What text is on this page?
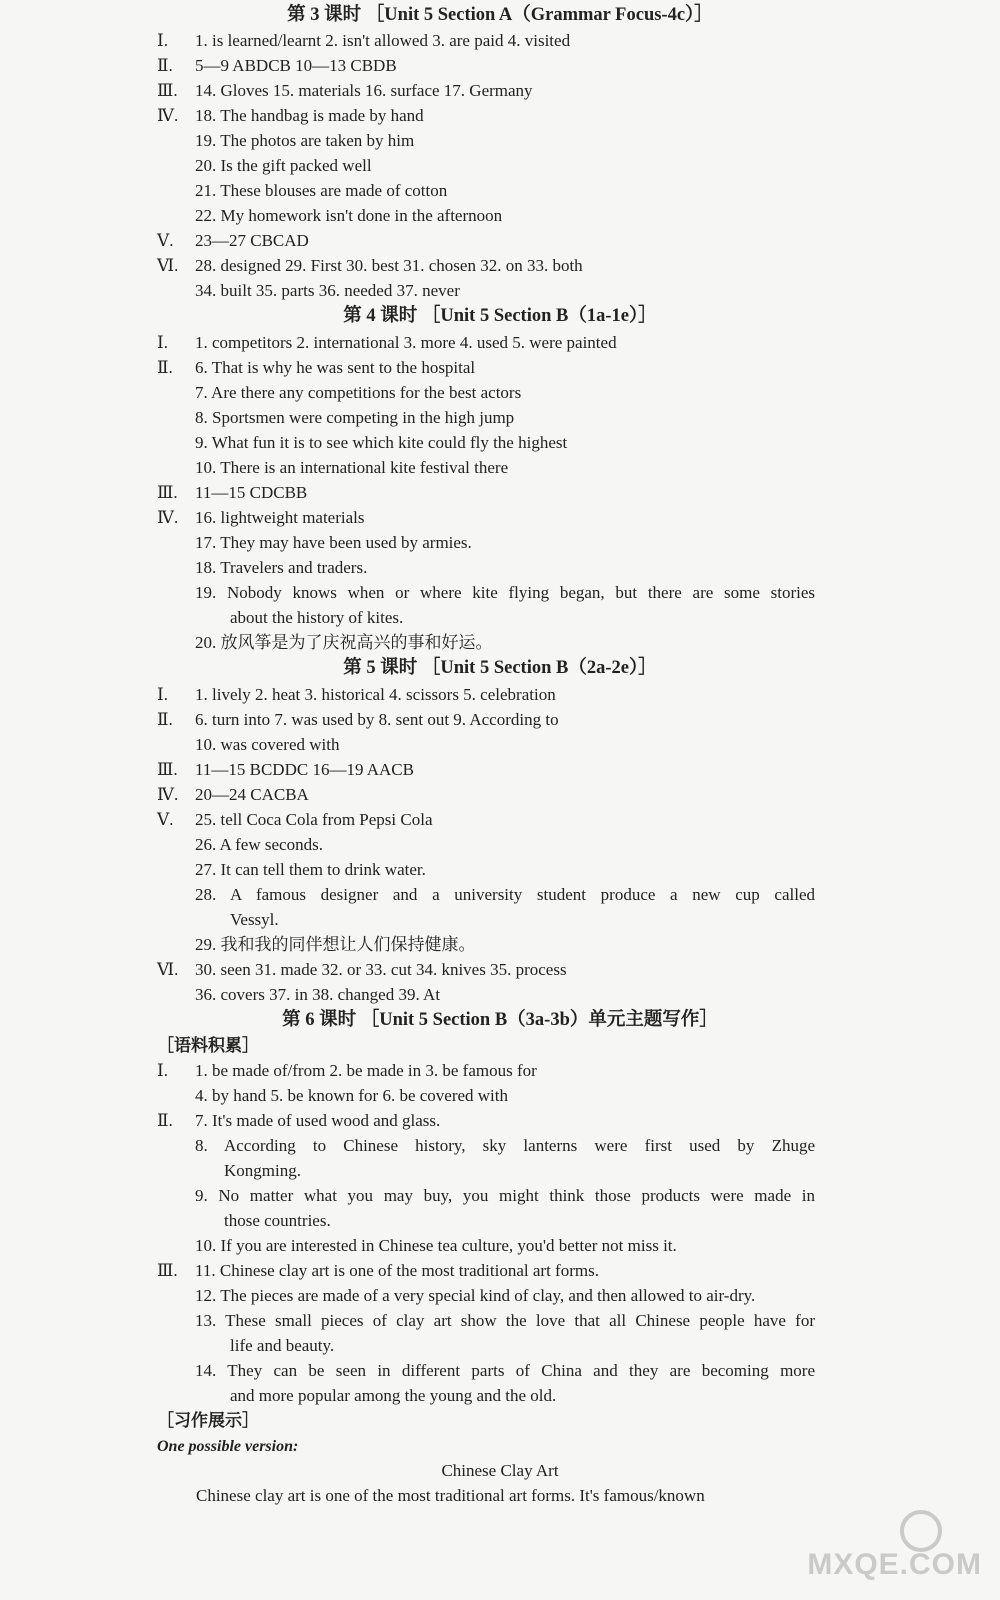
第 3 课时 ［Unit 5 Section A（Grammar Focus-4c）］
Ⅰ. 1. is learned/learnt 2. isn't allowed 3. are paid 4. visited
Ⅱ. 5—9 ABDCB 10—13 CBDB
Ⅲ. 14. Gloves 15. materials 16. surface 17. Germany
Ⅳ. 18. The handbag is made by hand
19. The photos are taken by him
20. Is the gift packed well
21. These blouses are made of cotton
22. My homework isn't done in the afternoon
Ⅴ. 23—27 CBCAD
Ⅵ. 28. designed 29. First 30. best 31. chosen 32. on 33. both
34. built 35. parts 36. needed 37. never
第 4 课时 ［Unit 5 Section B（1a-1e）］
Ⅰ. 1. competitors 2. international 3. more 4. used 5. were painted
Ⅱ. 6. That is why he was sent to the hospital
7. Are there any competitions for the best actors
8. Sportsmen were competing in the high jump
9. What fun it is to see which kite could fly the highest
10. There is an international kite festival there
Ⅲ. 11—15 CDCBB
Ⅳ. 16. lightweight materials
17. They may have been used by armies.
18. Travelers and traders.
19. Nobody knows when or where kite flying began, but there are some stories
about the history of kites.
20. 放风筝是为了庆祝高兴的事和好运。
第 5 课时 ［Unit 5 Section B（2a-2e）］
Ⅰ. 1. lively 2. heat 3. historical 4. scissors 5. celebration
Ⅱ. 6. turn into 7. was used by 8. sent out 9. According to
10. was covered with
Ⅲ. 11—15 BCDDC 16—19 AACB
Ⅳ. 20—24 CACBA
Ⅴ. 25. tell Coca Cola from Pepsi Cola
26. A few seconds.
27. It can tell them to drink water.
28. A famous designer and a university student produce a new cup called
Vessyl.
29. 我和我的同伴想让人们保持健康。
Ⅵ. 30. seen 31. made 32. or 33. cut 34. knives 35. process
36. covers 37. in 38. changed 39. At
第 6 课时 ［Unit 5 Section B（3a-3b）单元主题写作］
［语料积累］
Ⅰ. 1. be made of/from 2. be made in 3. be famous for
4. by hand 5. be known for 6. be covered with
Ⅱ. 7. It's made of used wood and glass.
8. According to Chinese history, sky lanterns were first used by Zhuge
Kongming.
9. No matter what you may buy, you might think those products were made in
those countries.
10. If you are interested in Chinese tea culture, you'd better not miss it.
Ⅲ. 11. Chinese clay art is one of the most traditional art forms.
12. The pieces are made of a very special kind of clay, and then allowed to air-dry.
13. These small pieces of clay art show the love that all Chinese people have for
life and beauty.
14. They can be seen in different parts of China and they are becoming more
and more popular among the young and the old.
［习作展示］
One possible version:
Chinese Clay Art
Chinese clay art is one of the most traditional art forms. It's famous/known
MXQE.COM
